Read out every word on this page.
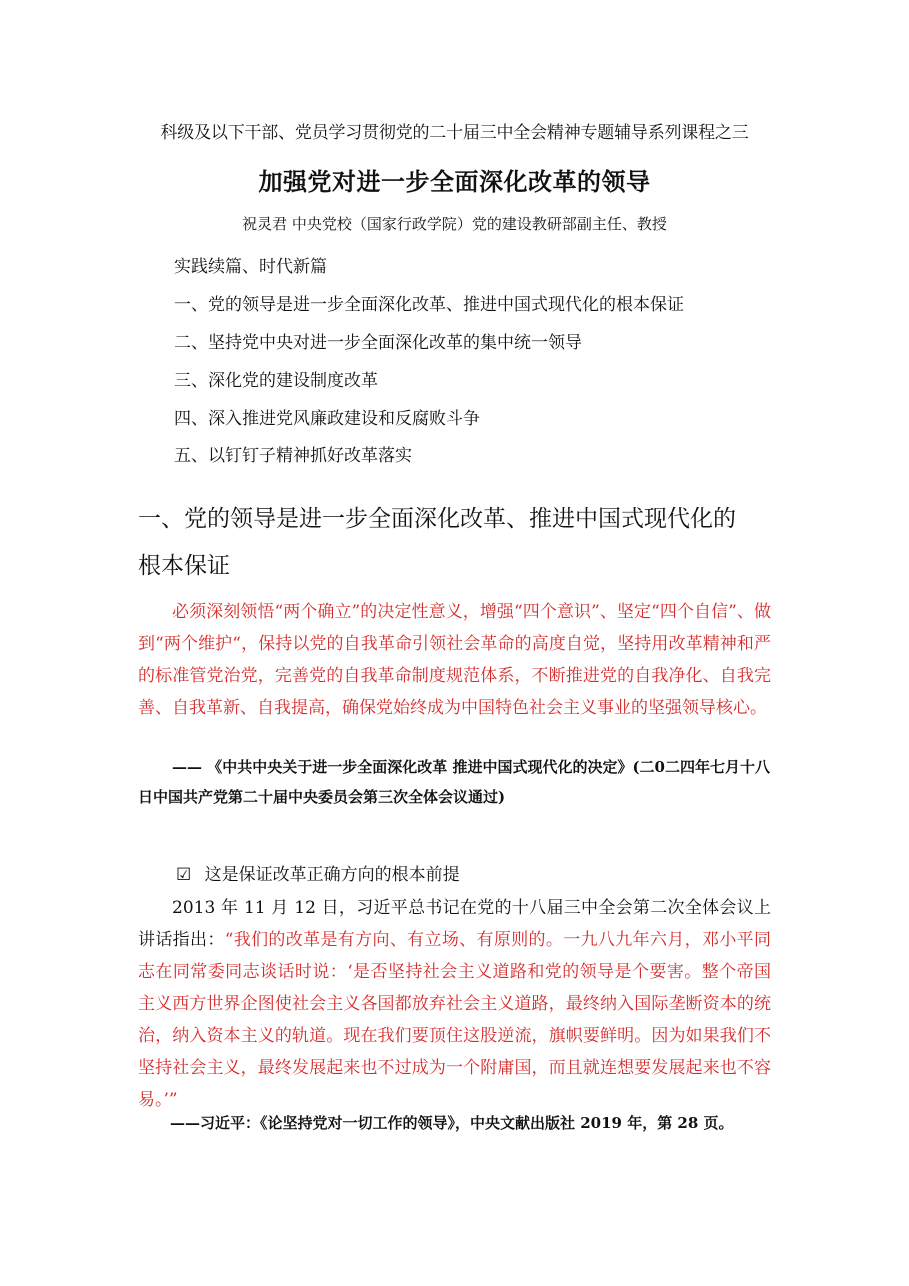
科级及以下干部、党员学习贯彻党的二十届三中全会精神专题辅导系列课程之三
加强党对进一步全面深化改革的领导
祝灵君 中央党校（国家行政学院）党的建设教研部副主任、教授
实践续篇、时代新篇
一、党的领导是进一步全面深化改革、推进中国式现代化的根本保证
二、坚持党中央对进一步全面深化改革的集中统一领导
三、深化党的建设制度改革
四、深入推进党风廉政建设和反腐败斗争
五、以钉钉子精神抓好改革落实
一、党的领导是进一步全面深化改革、推进中国式现代化的
根本保证
必须深刻领悟“两个确立”的决定性意义，增强“四个意识”、坚定“四个自信”、做到“两个维护“，保持以党的自我革命引领社会革命的高度自觉，坚持用改革精神和严的标准管党治党，完善党的自我革命制度规范体系，不断推进党的自我净化、自我完善、自我革新、自我提高，确保党始终成为中国特色社会主义事业的坚强领导核心。
—— 《中共中央关于进一步全面深化改革 推进中国式现代化的决定》(二0二四年七月十八日中国共产党第二十届中央委员会第三次全体会议通过)
☑ 这是保证改革正确方向的根本前提
2013 年 11 月 12 日，习近平总书记在党的十八届三中全会第二次全体会议上讲话指出：“我们的改革是有方向、有立场、有原则的。一九八九年六月，邓小平同志在同常委同志谈话时说：‘是否坚持社会主义道路和党的领导是个要害。整个帝国主义西方世界企图使社会主义各国都放弃社会主义道路，最终纳入国际垄断资本的统治，纳入资本主义的轨道。现在我们要顶住这股逆流，旗帜要鲜明。因为如果我们不坚持社会主义，最终发展起来也不过成为一个附庸国，而且就连想要发展起来也不容易。’”
——习近平：《论坚持党对一切工作的领导》，中央文献出版社 2019 年，第 28 页。
